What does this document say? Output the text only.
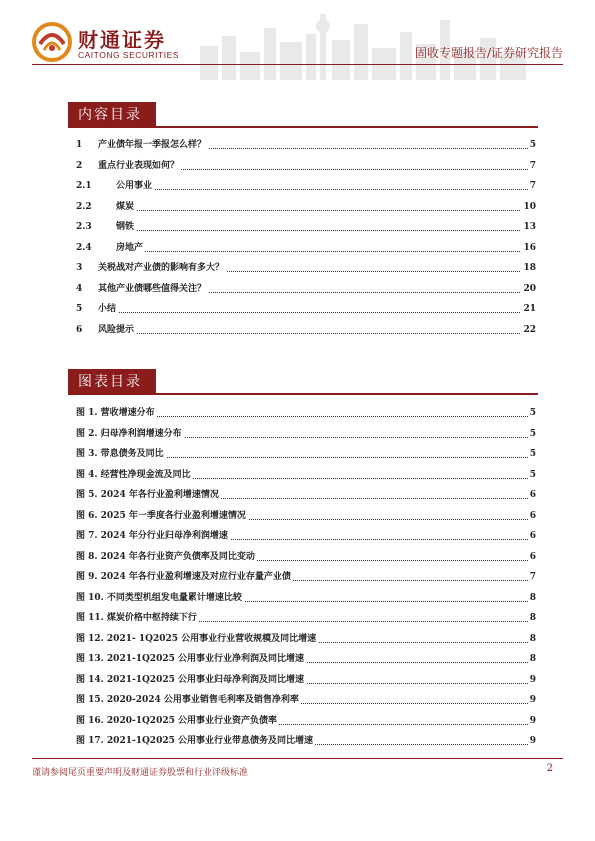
财通证券
CAITONG SECURITIES	固收专题报告/证券研究报告
内容目录
1 产业债年报一季报怎么样？	5
2 重点行业表现如何？	7
2.1	公用事业	7
2.2	煤炭	10
2.3	钢铁	13
2.4	房地产	16
3 关税战对产业债的影响有多大？	18
4 其他产业债哪些值得关注？	20
5 小结	21
6 风险提示	22
图表目录
图 1. 营收增速分布	5
图 2. 归母净利润增速分布	5
图 3. 带息债务及同比	5
图 4. 经营性净现金流及同比	5
图 5. 2024 年各行业盈利增速情况	6
图 6. 2025 年一季度各行业盈利增速情况	6
图 7. 2024 年分行业归母净利润增速	6
图 8. 2024 年各行业资产负债率及同比变动	6
图 9. 2024 年各行业盈利增速及对应行业存量产业债	7
图 10. 不同类型机组发电量累计增速比较	8
图 11. 煤炭价格中枢持续下行	8
图 12. 2021- 1Q2025 公用事业行业营收规模及同比增速	8
图 13. 2021-1Q2025 公用事业行业净利润及同比增速	8
图 14. 2021-1Q2025 公用事业归母净利润及同比增速	9
图 15. 2020-2024 公用事业销售毛利率及销售净利率	9
图 16. 2020-1Q2025 公用事业行业资产负债率	9
图 17. 2021-1Q2025 公用事业行业带息债务及同比增速	9
谨请参阅尾页重要声明及财通证券股票和行业评级标准	2
